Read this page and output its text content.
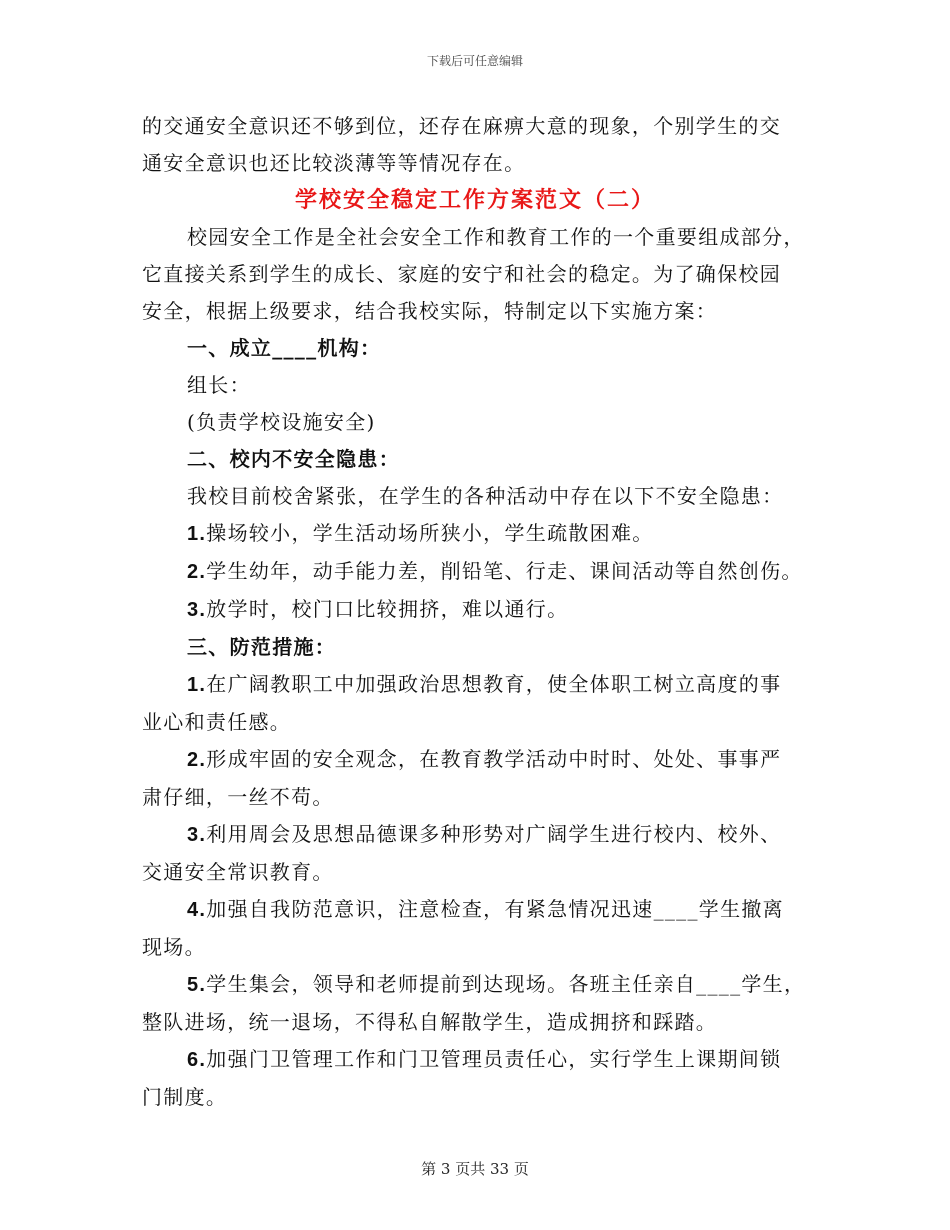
下载后可任意编辑

的交通安全意识还不够到位，还存在麻痹大意的现象，个别学生的交

通安全意识也还比较淡薄等等情况存在。

学校安全稳定工作方案范文（二）

校园安全工作是全社会安全工作和教育工作的一个重要组成部分，

它直接关系到学生的成长、家庭的安宁和社会的稳定。为了确保校园

安全，根据上级要求，结合我校实际，特制定以下实施方案：

一、成立____机构：

组长：

(负责学校设施安全)

二、校内不安全隐患：

我校目前校舍紧张，在学生的各种活动中存在以下不安全隐患：

1.操场较小，学生活动场所狭小，学生疏散困难。

2.学生幼年，动手能力差，削铅笔、行走、课间活动等自然创伤。

3.放学时，校门口比较拥挤，难以通行。

三、防范措施：

1.在广阔教职工中加强政治思想教育，使全体职工树立高度的事

业心和责任感。

2.形成牢固的安全观念，在教育教学活动中时时、处处、事事严

肃仔细，一丝不苟。

3.利用周会及思想品德课多种形势对广阔学生进行校内、校外、

交通安全常识教育。

4.加强自我防范意识，注意检查，有紧急情况迅速____学生撤离

现场。

5.学生集会，领导和老师提前到达现场。各班主任亲自____学生，

整队进场，统一退场，不得私自解散学生，造成拥挤和踩踏。

6.加强门卫管理工作和门卫管理员责任心，实行学生上课期间锁

门制度。

第 3 页共 33 页
